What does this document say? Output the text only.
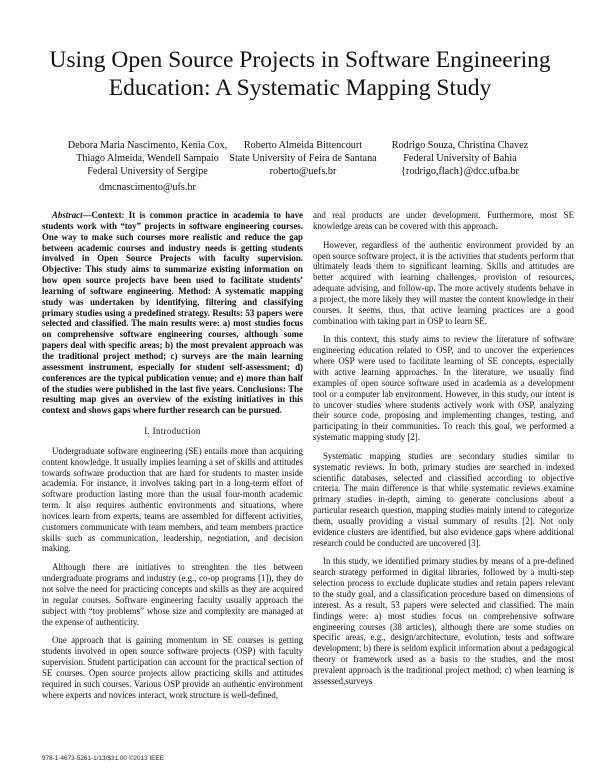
Using Open Source Projects in Software Engineering
Education: A Systematic Mapping Study
Debora Maria Nascimento, Kenia Cox,
Thiago Almeida, Wendell Sampaio
Federal University of Sergipe
dmcnascimento@ufs.br
Roberto Almeida Bittencourt
State University of Feira de Santana
roberto@uefs.br
Rodrigo Souza, Christina Chavez
Federal University of Bahia
{rodrigo,flach}@dcc.ufba.br

Abstract—Context: It is common practice in academia to have students work with “toy” projects in software engineering courses. One way to make such courses more realistic and reduce the gap between academic courses and industry needs is getting students involved in Open Source Projects with faculty supervision. Objective: This study aims to summarize existing information on how open source projects have been used to facilitate students’ learning of software engineering. Method: A systematic mapping study was undertaken by identifying, filtering and classifying primary studies using a predefined strategy. Results: 53 papers were selected and classified. The main results were: a) most studies focus on comprehensive software engineering courses, although some papers deal with specific areas; b) the most prevalent approach was the traditional project method; c) surveys are the main learning assessment instrument, especially for student self-assessment; d) conferences are the typical publication venue; and e) more than half of the studies were published in the last five years. Conclusions: The resulting map gives an overview of the existing initiatives in this context and shows gaps where further research can be pursued.

I. Introduction

Undergraduate software engineering (SE) entails more than acquiring content knowledge. It usually implies learning a set of skills and attitudes towards software production that are hard for students to master inside academia. For instance, it involves taking part in a long-term effort of software production lasting more than the usual four-month academic term. It also requires authentic environments and situations, where novices learn from experts, teams are assembled for different activities, customers communicate with team members, and team members practice skills such as communication, leadership, negotiation, and decision making.

Although there are initiatives to strenghten the ties between undergraduate programs and industry (e.g., co-op programs [1]), they do not solve the need for practicing concepts and skills as they are acquired in regular courses. Software engineering faculty usually approach the subject with “toy problems” whose size and complexity are managed at the expense of authenticity.

One approach that is gaining momentum in SE courses is getting students involved in open source software projects (OSP) with faculty supervision. Student participation can account for the practical section of SE courses. Open source projects allow practicing skills and attitudes required in such courses. Various OSP provide an authentic environment where experts and novices interact, work structure is well-defined,

and real products are under development. Furthermore, most SE knowledge areas can be covered with this approach.

However, regardless of the authentic environment provided by an open source software project, it is the activities that students perform that ultimately leads them to significant learning. Skills and attitudes are better acquired with learning challenges, provision of resources, adequate advising, and follow-up. The more actively students behave in a project, the more likely they will master the content knowledge in their courses. It seems, thus, that active learning practices are a good combination with taking part in OSP to learn SE.

In this context, this study aims to review the literature of software engineering education related to OSP, and to uncover the experiences where OSP were used to facilitate learning of SE concepts, especially with active learning approaches. In the literature, we usually find examples of open source software used in academia as a development tool or a computer lab environment. However, in this study, our intent is to uncover studies where students actively work with OSP, analyzing their source code, proposing and implementing changes, testing, and participating in their communities. To reach this goal, we performed a systematic mapping study [2].

Systematic mapping studies are secondary studies similar to systematic reviews. In both, primary studies are searched in indexed scientific databases, selected and classified according to objective criteria. The main difference is that while systematic reviews examine primary studies in-depth, aiming to generate conclusions about a particular research question, mapping studies mainly intend to categorize them, usually providing a visual summary of results [2]. Not only evidence clusters are identified, but also evidence gaps where additional research could be conducted are uncovered [3].

In this study, we identified primary studies by means of a pre-defined search strategy performed in digital libraries, followed by a multi-step selection process to exclude duplicate studies and retain papers relevant to the study goal, and a classification procedure based on dimensions of interest. As a result, 53 papers were selected and classified. The main findings were: a) most studies focus on comprehensive software engineering courses (38 articles), although there are some studies on specific areas, e.g., design/architecture, evolution, tests and software development; b) there is seldom explicit information about a pedagogical theory or framework used as a basis to the studies, and the most prevalent approach is the traditional project method; c) when learning is assessed,surveys

978-1-4673-5261-1/13/$31.00 ©2013 IEEE
